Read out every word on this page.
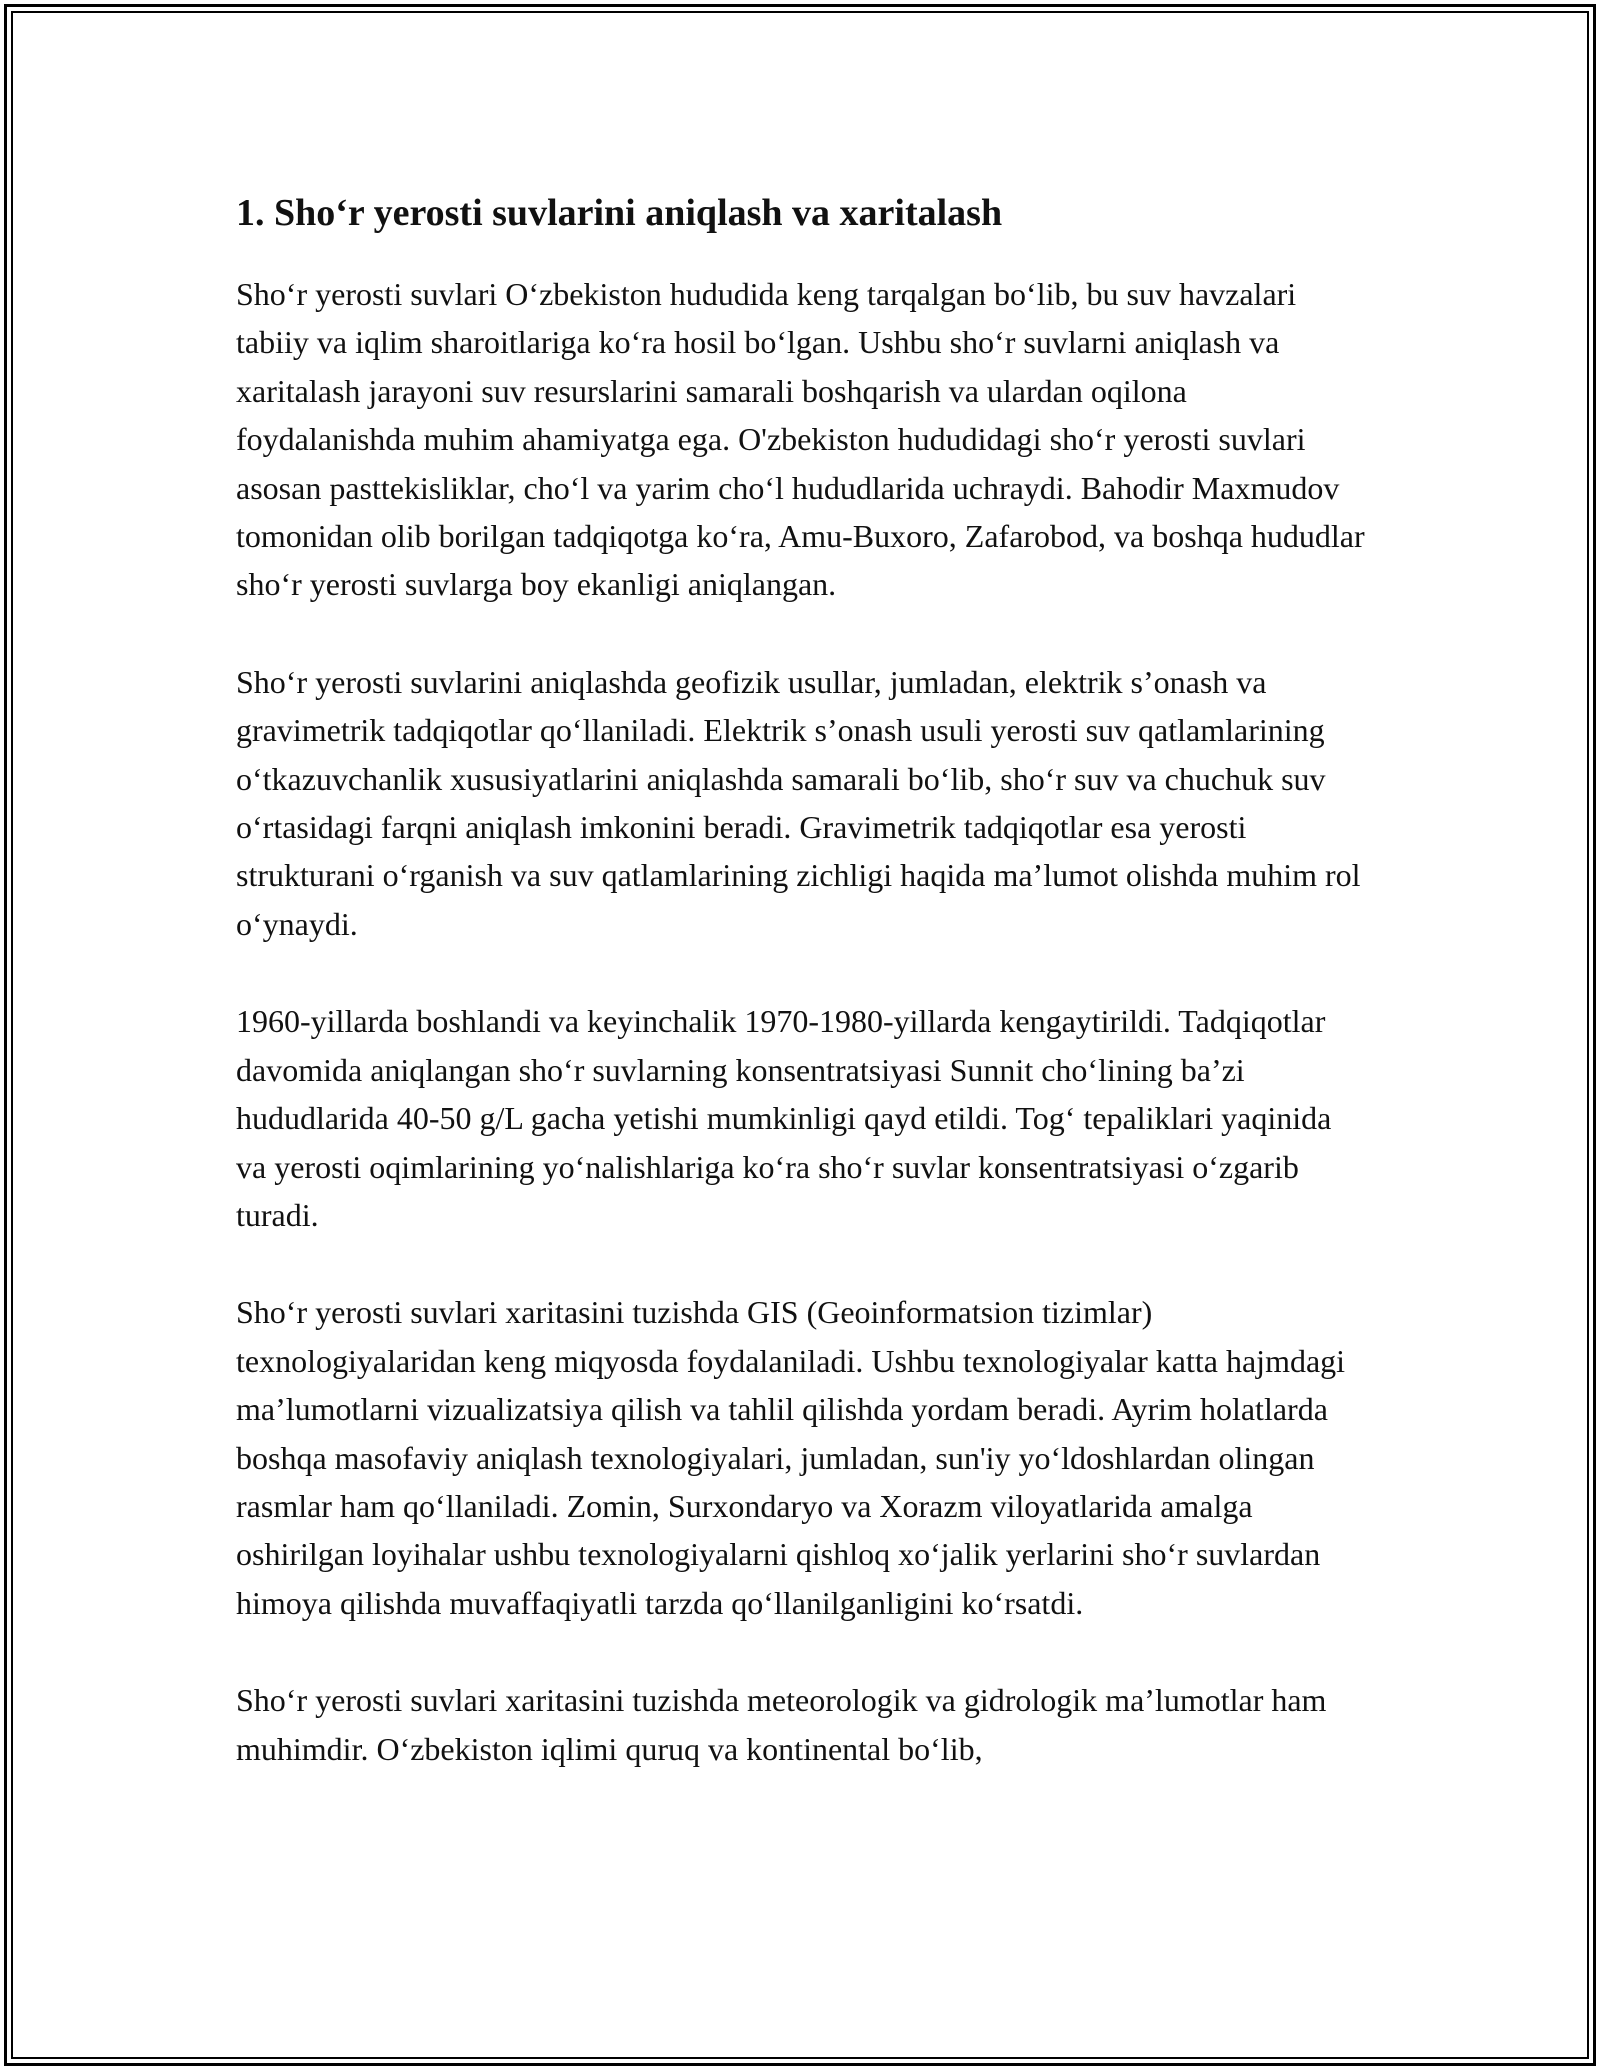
1. Sho‘r yerosti suvlarini aniqlash va xaritalash

Sho‘r yerosti suvlari O‘zbekiston hududida keng tarqalgan bo‘lib, bu suv havzalari tabiiy va iqlim sharoitlariga ko‘ra hosil bo‘lgan. Ushbu sho‘r suvlarni aniqlash va xaritalash jarayoni suv resurslarini samarali boshqarish va ulardan oqilona foydalanishda muhim ahamiyatga ega. O'zbekiston hududidagi sho‘r yerosti suvlari asosan pasttekisliklar, cho‘l va yarim cho‘l hududlarida uchraydi. Bahodir Maxmudov tomonidan olib borilgan tadqiqotga ko‘ra, Amu-Buxoro, Zafarobod, va boshqa hududlar sho‘r yerosti suvlarga boy ekanligi aniqlangan.

Sho‘r yerosti suvlarini aniqlashda geofizik usullar, jumladan, elektrik s’onash va gravimetrik tadqiqotlar qo‘llaniladi. Elektrik s’onash usuli yerosti suv qatlamlarining o‘tkazuvchanlik xususiyatlarini aniqlashda samarali bo‘lib, sho‘r suv va chuchuk suv o‘rtasidagi farqni aniqlash imkonini beradi. Gravimetrik tadqiqotlar esa yerosti strukturani o‘rganish va suv qatlamlarining zichligi haqida ma’lumot olishda muhim rol o‘ynaydi.

1960-yillarda boshlandi va keyinchalik 1970-1980-yillarda kengaytirildi. Tadqiqotlar davomida aniqlangan sho‘r suvlarning konsentratsiyasi Sunnit cho‘lining ba’zi hududlarida 40-50 g/L gacha yetishi mumkinligi qayd etildi. Tog‘ tepaliklari yaqinida va yerosti oqimlarining yo‘nalishlariga ko‘ra sho‘r suvlar konsentratsiyasi o‘zgarib turadi.

Sho‘r yerosti suvlari xaritasini tuzishda GIS (Geoinformatsion tizimlar) texnologiyalaridan keng miqyosda foydalaniladi. Ushbu texnologiyalar katta hajmdagi ma’lumotlarni vizualizatsiya qilish va tahlil qilishda yordam beradi. Ayrim holatlarda boshqa masofaviy aniqlash texnologiyalari, jumladan, sun'iy yo‘ldoshlardan olingan rasmlar ham qo‘llaniladi. Zomin, Surxondaryo va Xorazm viloyatlarida amalga oshirilgan loyihalar ushbu texnologiyalarni qishloq xo‘jalik yerlarini sho‘r suvlardan himoya qilishda muvaffaqiyatli tarzda qo‘llanilganligini ko‘rsatdi.

Sho‘r yerosti suvlari xaritasini tuzishda meteorologik va gidrologik ma’lumotlar ham muhimdir. O‘zbekiston iqlimi quruq va kontinental bo‘lib,
